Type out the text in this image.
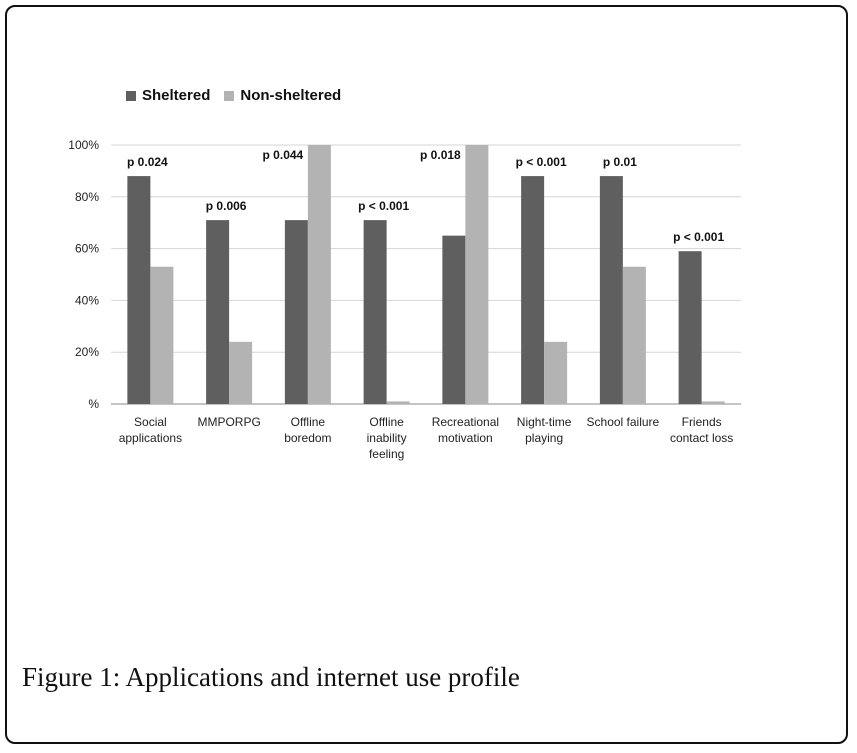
Sheltered Non-sheltered
%
20%
40%
60%
80%
100%
p 0.024
p 0.006
p 0.044
p < 0.001
p 0.018
p < 0.001	p 0.01
p < 0.001
Social
applications
MMPORPG Offline
boredom
Offline
inability
feeling
Recreational
motivation
Night-time
playing
School failure Friends
contact loss
Figure 1: Applications and internet use profile
